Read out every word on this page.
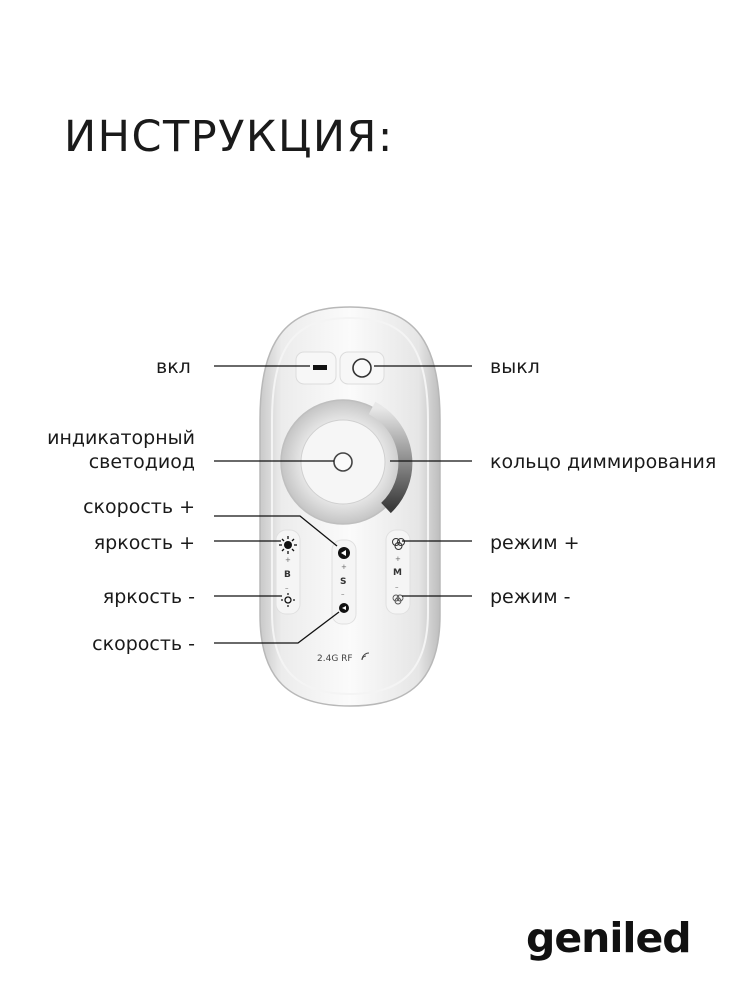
ИНСТРУКЦИЯ:
+
B
–
+
S
–
+
M
–
2.4G RF
вкл	выкл
индикаторный
светодиод	кольцо диммирования
скорость +
яркость +	режим +
яркость -	режим -
скорость -
geniled
